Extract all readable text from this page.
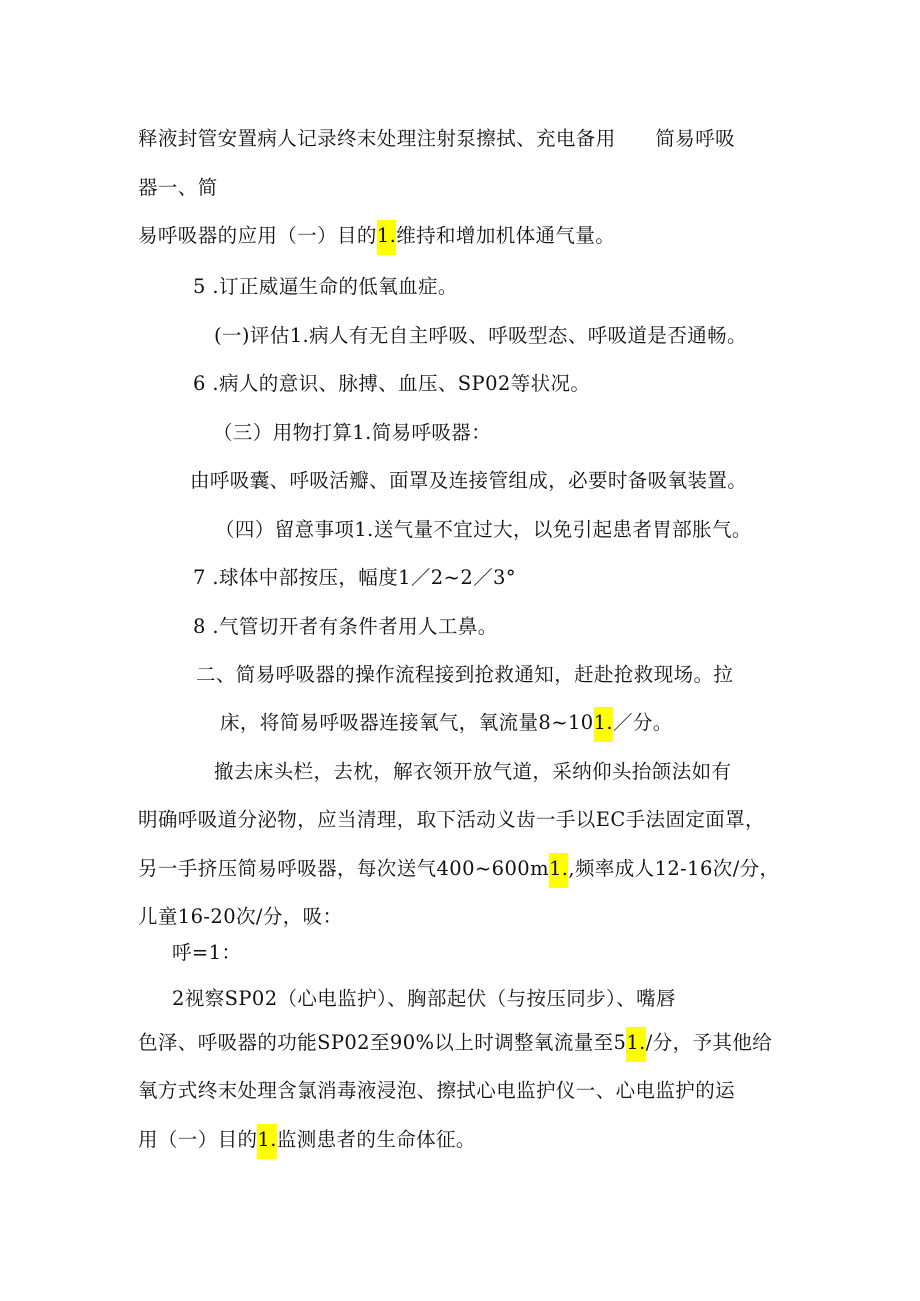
释液封管安置病人记录终末处理注射泵擦拭、充电备用　　简易呼吸
器一、简
易呼吸器的应用（一）目的1.维持和增加机体通气量。
5 .订正威逼生命的低氧血症。
(一)评估1.病人有无自主呼吸、呼吸型态、呼吸道是否通畅。
6 .病人的意识、脉搏、血压、SP02等状况。
（三）用物打算1.简易呼吸器：
由呼吸囊、呼吸活瓣、面罩及连接管组成，必要时备吸氧装置。
（四）留意事项1.送气量不宜过大，以免引起患者胃部胀气。
7 .球体中部按压，幅度1／2~2／3°
8 .气管切开者有条件者用人工鼻。
二、简易呼吸器的操作流程接到抢救通知，赶赴抢救现场。拉
床，将简易呼吸器连接氧气，氧流量8~101.／分。
撤去床头栏，去枕，解衣领开放气道，采纳仰头抬颌法如有
明确呼吸道分泌物，应当清理，取下活动义齿一手以EC手法固定面罩，
另一手挤压简易呼吸器，每次送气400~600m1.,频率成人12-16次/分，
儿童16-20次/分，吸：
呼=1：
2视察SP02（心电监护）、胸部起伏（与按压同步）、嘴唇
色泽、呼吸器的功能SP02至90%以上时调整氧流量至51./分，予其他给
氧方式终末处理含氯消毒液浸泡、擦拭心电监护仪一、心电监护的运
用（一）目的1.监测患者的生命体征。
